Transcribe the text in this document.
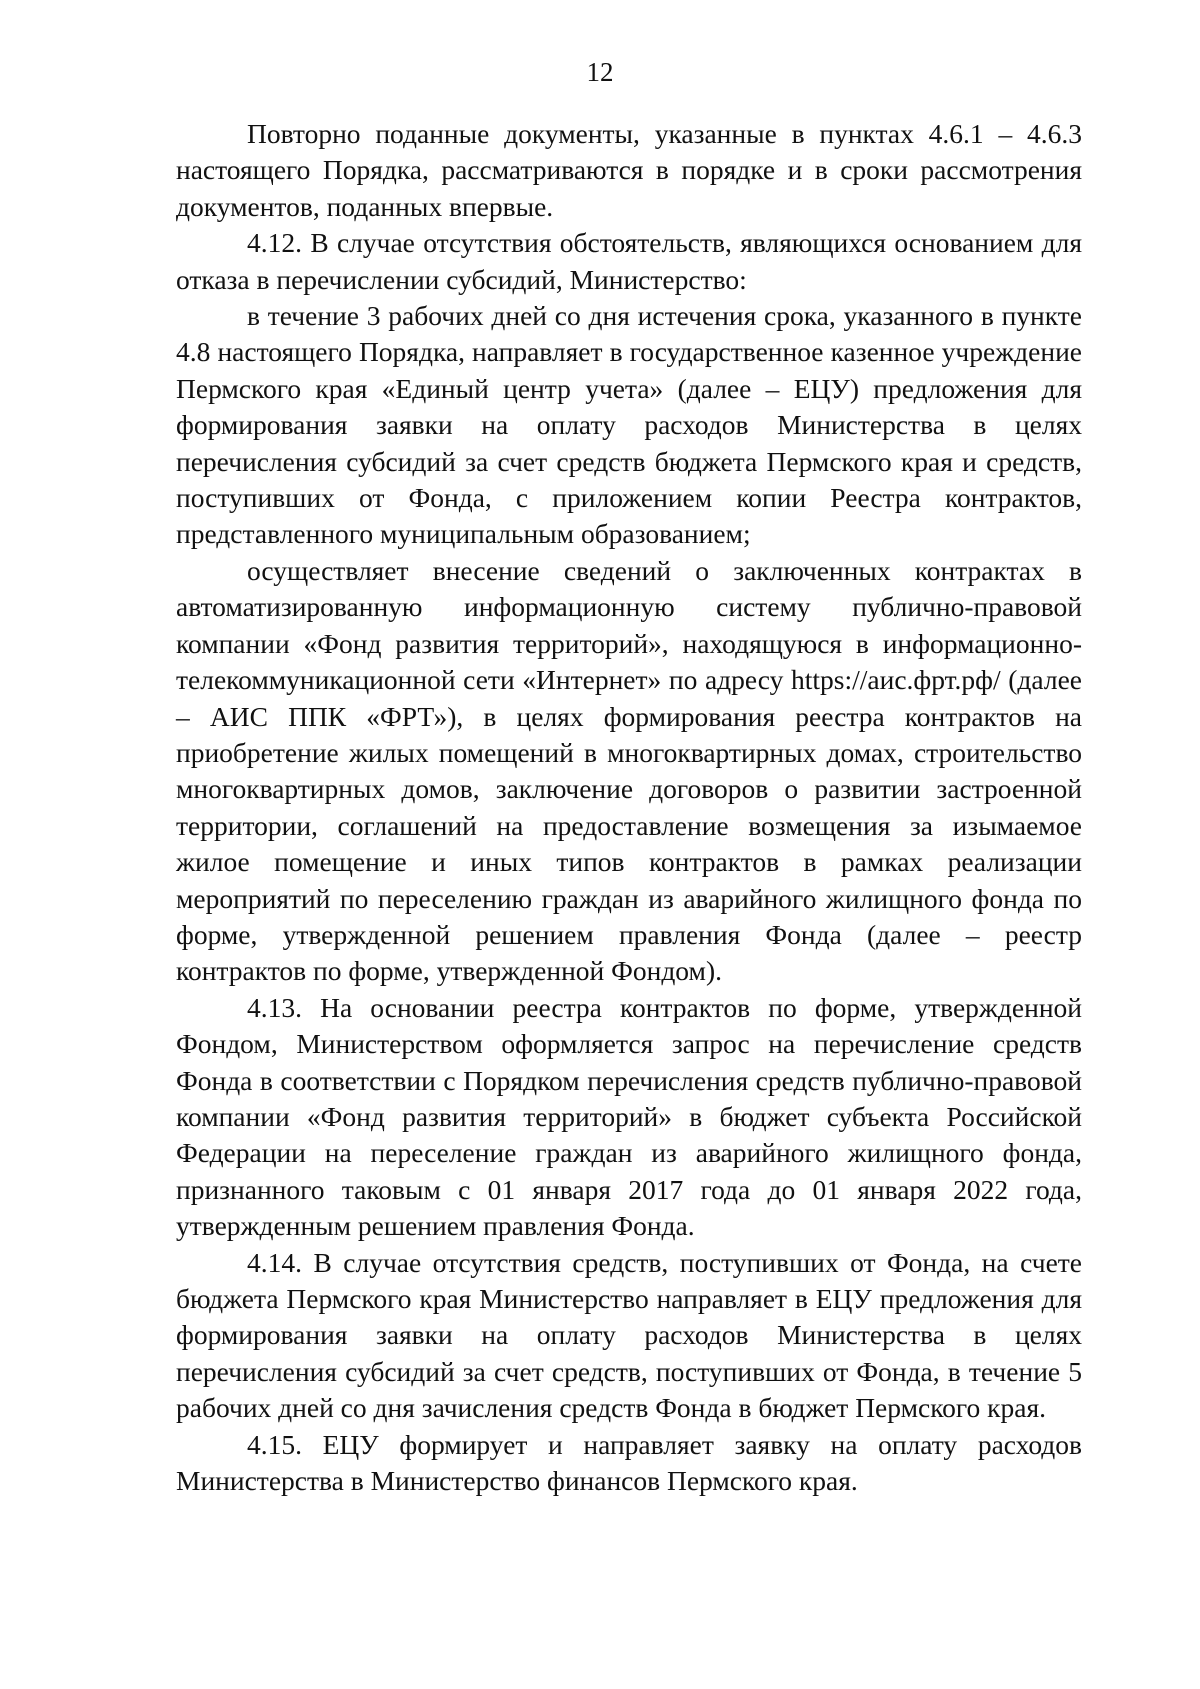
12

Повторно поданные документы, указанные в пунктах 4.6.1 – 4.6.3 настоящего Порядка, рассматриваются в порядке и в сроки рассмотрения документов, поданных впервые.

4.12. В случае отсутствия обстоятельств, являющихся основанием для отказа в перечислении субсидий, Министерство:

в течение 3 рабочих дней со дня истечения срока, указанного в пункте 4.8 настоящего Порядка, направляет в государственное казенное учреждение Пермского края «Единый центр учета» (далее – ЕЦУ) предложения для формирования заявки на оплату расходов Министерства в целях перечисления субсидий за счет средств бюджета Пермского края и средств, поступивших от Фонда, с приложением копии Реестра контрактов, представленного муниципальным образованием;

осуществляет внесение сведений о заключенных контрактах в автоматизированную информационную систему публично-правовой компании «Фонд развития территорий», находящуюся в информационно-телекоммуникационной сети «Интернет» по адресу https://аис.фрт.рф/ (далее – АИС ППК «ФРТ»), в целях формирования реестра контрактов на приобретение жилых помещений в многоквартирных домах, строительство многоквартирных домов, заключение договоров о развитии застроенной территории, соглашений на предоставление возмещения за изымаемое жилое помещение и иных типов контрактов в рамках реализации мероприятий по переселению граждан из аварийного жилищного фонда по форме, утвержденной решением правления Фонда (далее – реестр контрактов по форме, утвержденной Фондом).

4.13. На основании реестра контрактов по форме, утвержденной Фондом, Министерством оформляется запрос на перечисление средств Фонда в соответствии с Порядком перечисления средств публично-правовой компании «Фонд развития территорий» в бюджет субъекта Российской Федерации на переселение граждан из аварийного жилищного фонда, признанного таковым с 01 января 2017 года до 01 января 2022 года, утвержденным решением правления Фонда.

4.14. В случае отсутствия средств, поступивших от Фонда, на счете бюджета Пермского края Министерство направляет в ЕЦУ предложения для формирования заявки на оплату расходов Министерства в целях перечисления субсидий за счет средств, поступивших от Фонда, в течение 5 рабочих дней со дня зачисления средств Фонда в бюджет Пермского края.

4.15. ЕЦУ формирует и направляет заявку на оплату расходов Министерства в Министерство финансов Пермского края.
